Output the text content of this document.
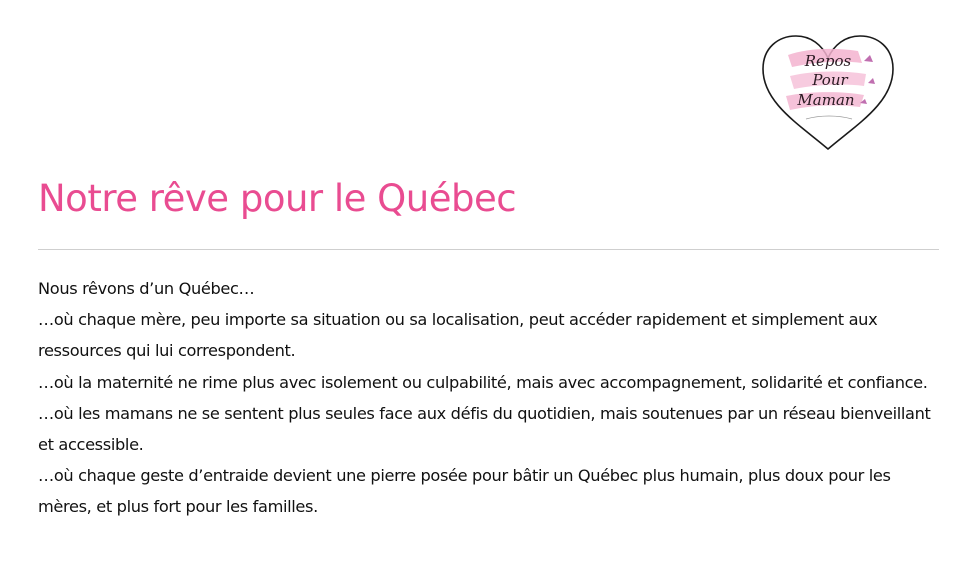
Repos
Pour
Maman
Notre rêve pour le Québec

Nous rêvons d’un Québec…

…où chaque mère, peu importe sa situation ou sa localisation, peut accéder rapidement et simplement aux ressources qui lui correspondent.

…où la maternité ne rime plus avec isolement ou culpabilité, mais avec accompagnement, solidarité et confiance.

…où les mamans ne se sentent plus seules face aux défis du quotidien, mais soutenues par un réseau bienveillant et accessible.

…où chaque geste d’entraide devient une pierre posée pour bâtir un Québec plus humain, plus doux pour les mères, et plus fort pour les familles.
